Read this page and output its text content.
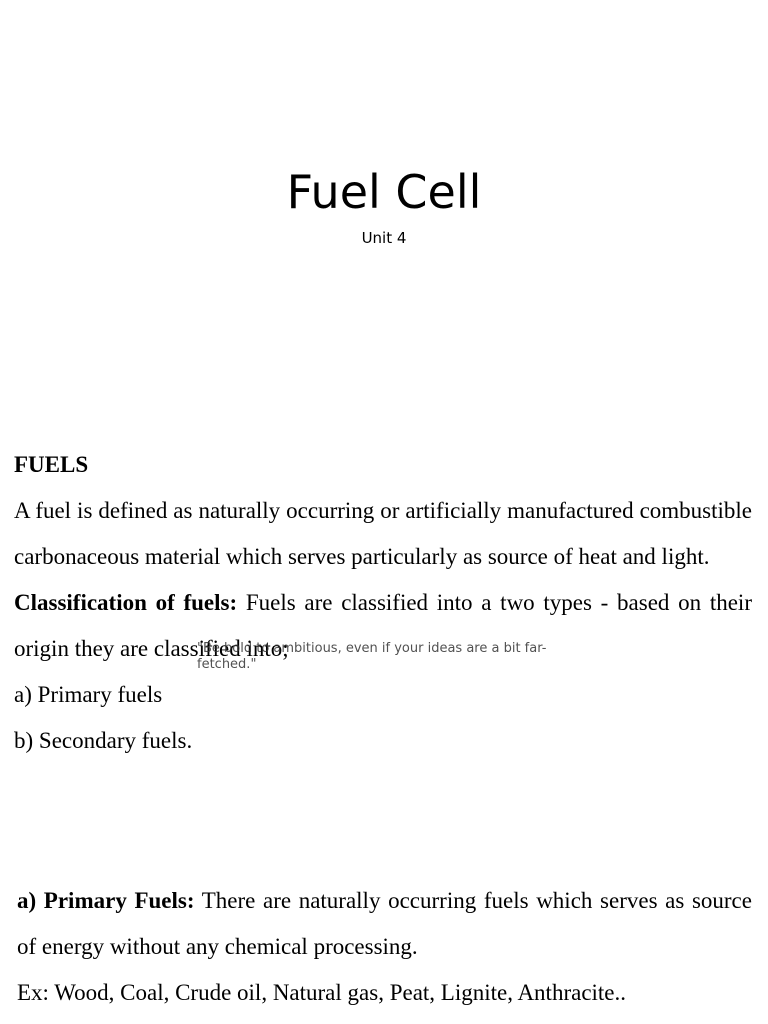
Fuel Cell
Unit 4

FUELS

A fuel is defined as naturally occurring or artificially manufactured combustible carbonaceous material which serves particularly as source of heat and light.

Classification of fuels: Fuels are classified into a two types - based on their origin they are classified into;

a) Primary fuels

b) Secondary fuels.

"Be bold to ambitious, even if your ideas are a bit far-fetched."

a) Primary Fuels: There are naturally occurring fuels which serves as source of energy without any chemical processing.

Ex: Wood, Coal, Crude oil, Natural gas, Peat, Lignite, Anthracite..
